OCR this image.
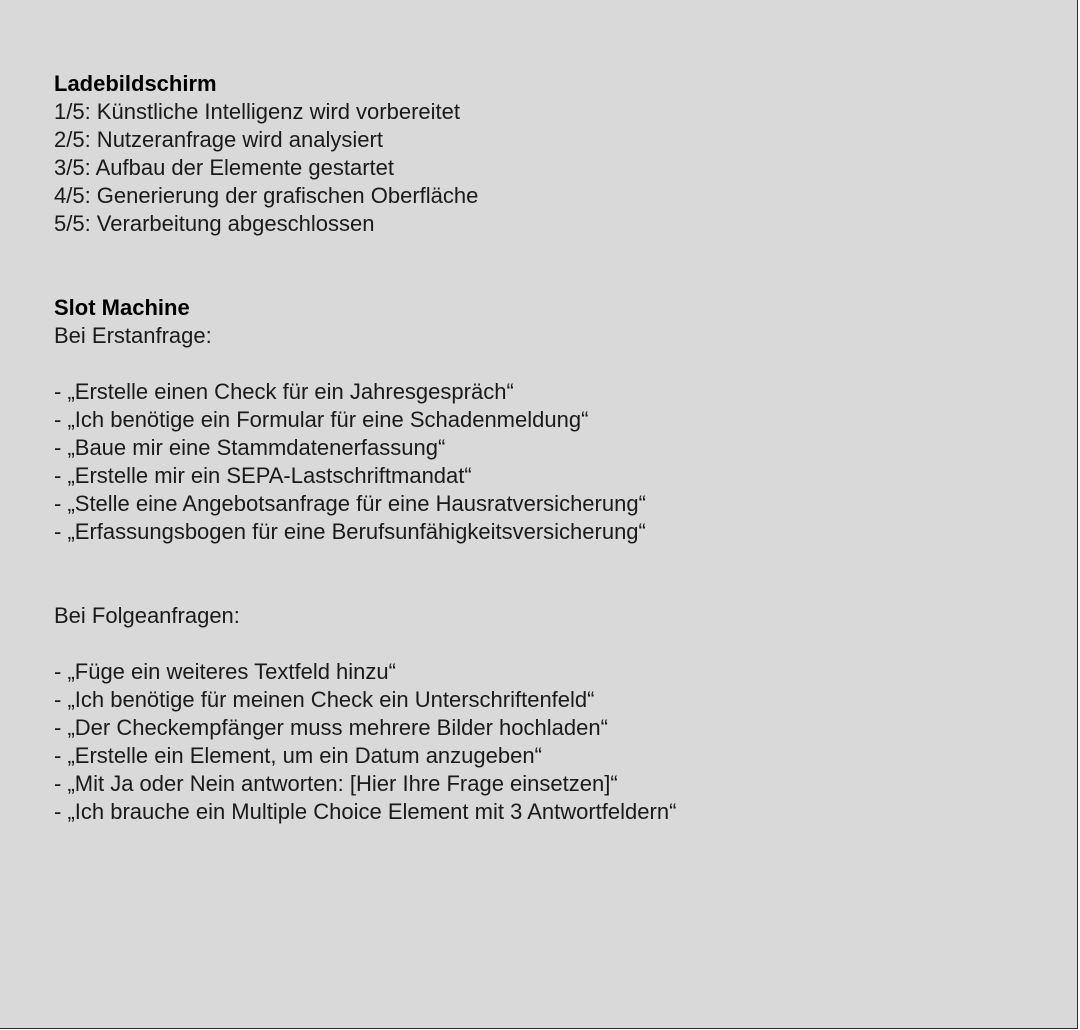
Ladebildschirm
1/5: Künstliche Intelligenz wird vorbereitet
2/5: Nutzeranfrage wird analysiert
3/5: Aufbau der Elemente gestartet
4/5: Generierung der grafischen Oberfläche
5/5: Verarbeitung abgeschlossen
Slot Machine
Bei Erstanfrage:
- „Erstelle einen Check für ein Jahresgespräch“
- „Ich benötige ein Formular für eine Schadenmeldung“
- „Baue mir eine Stammdatenerfassung“
- „Erstelle mir ein SEPA-Lastschriftmandat“
- „Stelle eine Angebotsanfrage für eine Hausratversicherung“
- „Erfassungsbogen für eine Berufsunfähigkeitsversicherung“
Bei Folgeanfragen:
- „Füge ein weiteres Textfeld hinzu“
- „Ich benötige für meinen Check ein Unterschriftenfeld“
- „Der Checkempfänger muss mehrere Bilder hochladen“
- „Erstelle ein Element, um ein Datum anzugeben“
- „Mit Ja oder Nein antworten: [Hier Ihre Frage einsetzen]“
- „Ich brauche ein Multiple Choice Element mit 3 Antwortfeldern“
